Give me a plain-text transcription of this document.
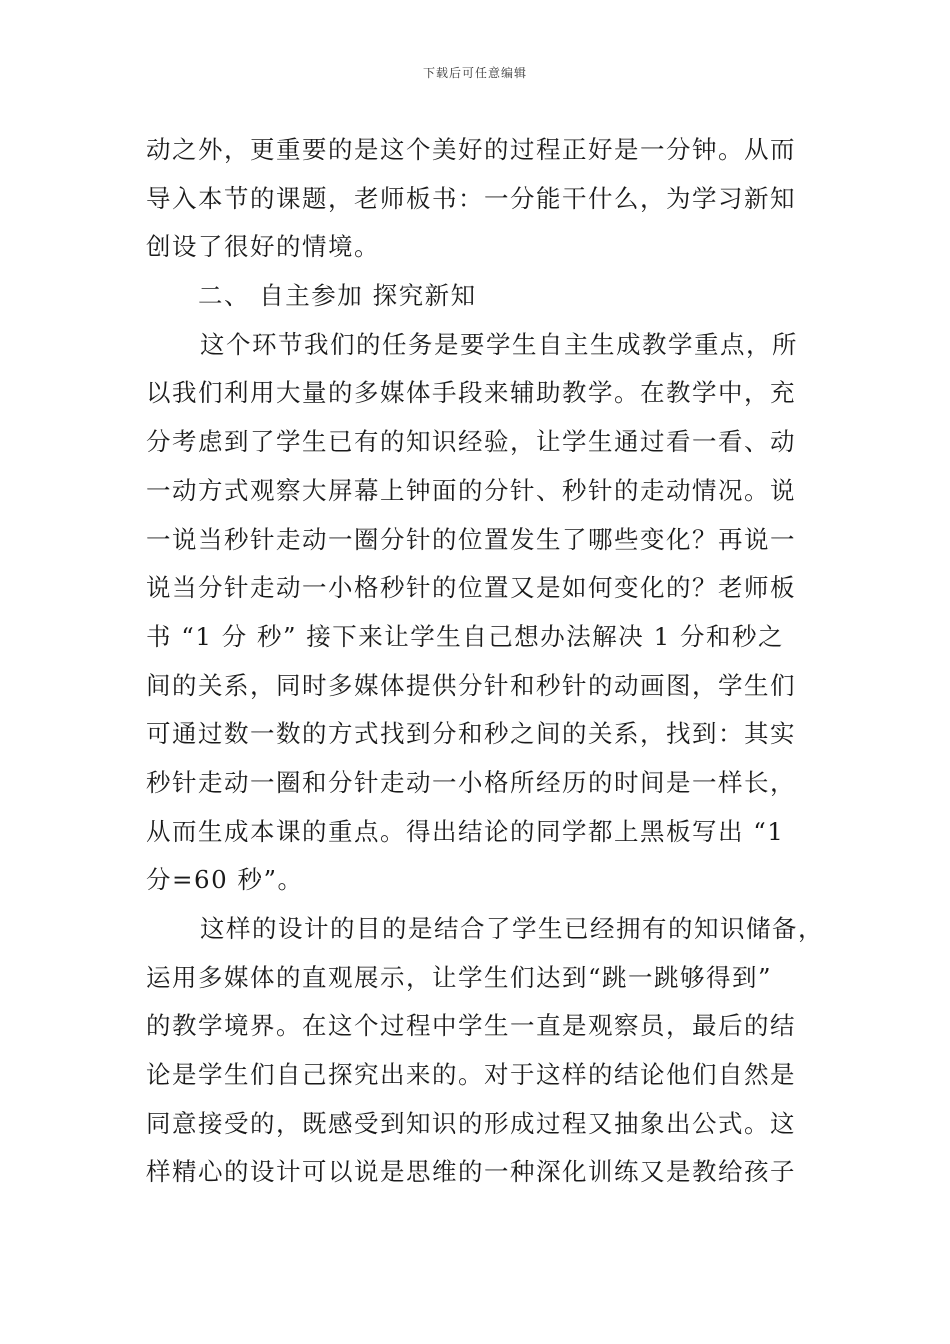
下载后可任意编辑
动之外，更重要的是这个美好的过程正好是一分钟。从而
导入本节的课题，老师板书：一分能干什么，为学习新知
创设了很好的情境。
二、 自主参加 探究新知
这个环节我们的任务是要学生自主生成教学重点，所
以我们利用大量的多媒体手段来辅助教学。在教学中，充
分考虑到了学生已有的知识经验，让学生通过看一看、动
一动方式观察大屏幕上钟面的分针、秒针的走动情况。说
一说当秒针走动一圈分针的位置发生了哪些变化？再说一
说当分针走动一小格秒针的位置又是如何变化的？老师板
书 “1 分 秒” 接下来让学生自己想办法解决 1 分和秒之
间的关系，同时多媒体提供分针和秒针的动画图，学生们
可通过数一数的方式找到分和秒之间的关系，找到：其实
秒针走动一圈和分针走动一小格所经历的时间是一样长，
从而生成本课的重点。得出结论的同学都上黑板写出 “1
分=60 秒”。
这样的设计的目的是结合了学生已经拥有的知识储备，
运用多媒体的直观展示，让学生们达到“跳一跳够得到”
的教学境界。在这个过程中学生一直是观察员，最后的结
论是学生们自己探究出来的。对于这样的结论他们自然是
同意接受的，既感受到知识的形成过程又抽象出公式。这
样精心的设计可以说是思维的一种深化训练又是教给孩子
